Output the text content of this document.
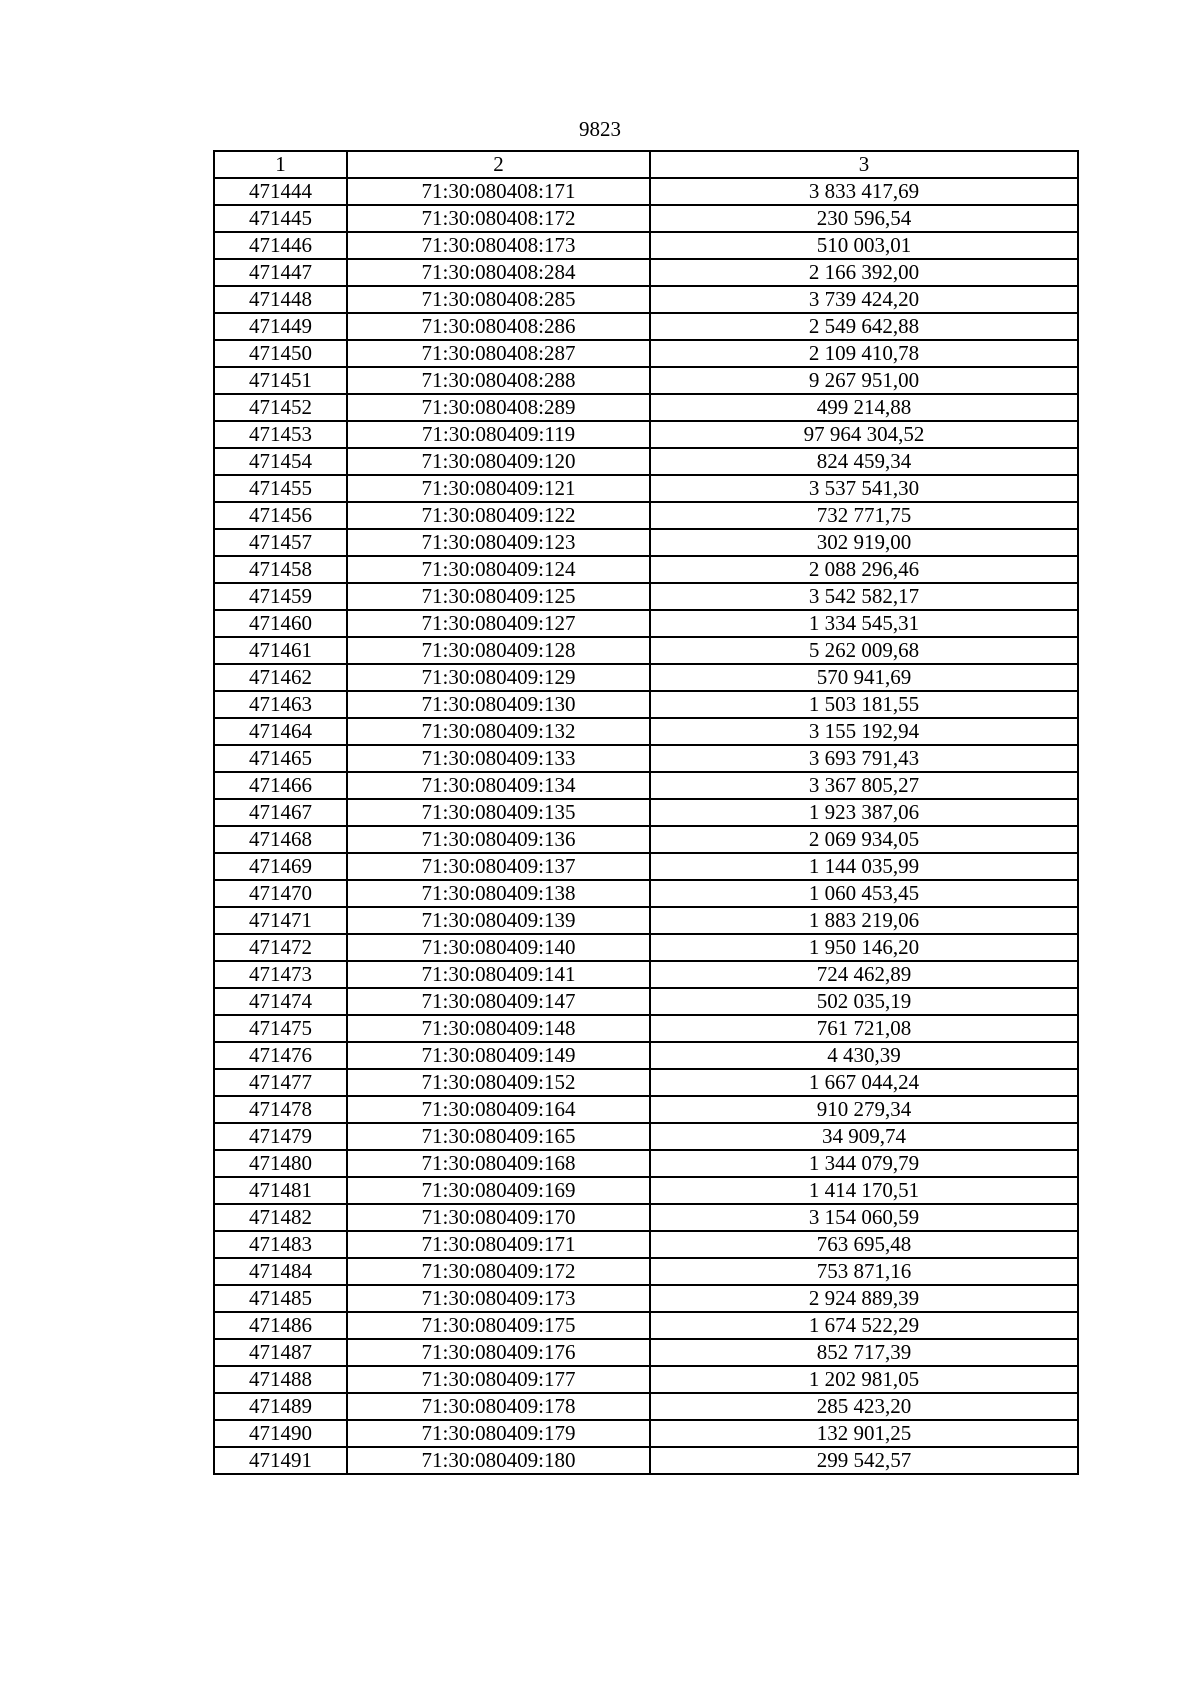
9823
1	2	3
471444	71:30:080408:171	3 833 417,69
471445	71:30:080408:172	230 596,54
471446	71:30:080408:173	510 003,01
471447	71:30:080408:284	2 166 392,00
471448	71:30:080408:285	3 739 424,20
471449	71:30:080408:286	2 549 642,88
471450	71:30:080408:287	2 109 410,78
471451	71:30:080408:288	9 267 951,00
471452	71:30:080408:289	499 214,88
471453	71:30:080409:119	97 964 304,52
471454	71:30:080409:120	824 459,34
471455	71:30:080409:121	3 537 541,30
471456	71:30:080409:122	732 771,75
471457	71:30:080409:123	302 919,00
471458	71:30:080409:124	2 088 296,46
471459	71:30:080409:125	3 542 582,17
471460	71:30:080409:127	1 334 545,31
471461	71:30:080409:128	5 262 009,68
471462	71:30:080409:129	570 941,69
471463	71:30:080409:130	1 503 181,55
471464	71:30:080409:132	3 155 192,94
471465	71:30:080409:133	3 693 791,43
471466	71:30:080409:134	3 367 805,27
471467	71:30:080409:135	1 923 387,06
471468	71:30:080409:136	2 069 934,05
471469	71:30:080409:137	1 144 035,99
471470	71:30:080409:138	1 060 453,45
471471	71:30:080409:139	1 883 219,06
471472	71:30:080409:140	1 950 146,20
471473	71:30:080409:141	724 462,89
471474	71:30:080409:147	502 035,19
471475	71:30:080409:148	761 721,08
471476	71:30:080409:149	4 430,39
471477	71:30:080409:152	1 667 044,24
471478	71:30:080409:164	910 279,34
471479	71:30:080409:165	34 909,74
471480	71:30:080409:168	1 344 079,79
471481	71:30:080409:169	1 414 170,51
471482	71:30:080409:170	3 154 060,59
471483	71:30:080409:171	763 695,48
471484	71:30:080409:172	753 871,16
471485	71:30:080409:173	2 924 889,39
471486	71:30:080409:175	1 674 522,29
471487	71:30:080409:176	852 717,39
471488	71:30:080409:177	1 202 981,05
471489	71:30:080409:178	285 423,20
471490	71:30:080409:179	132 901,25
471491	71:30:080409:180	299 542,57
